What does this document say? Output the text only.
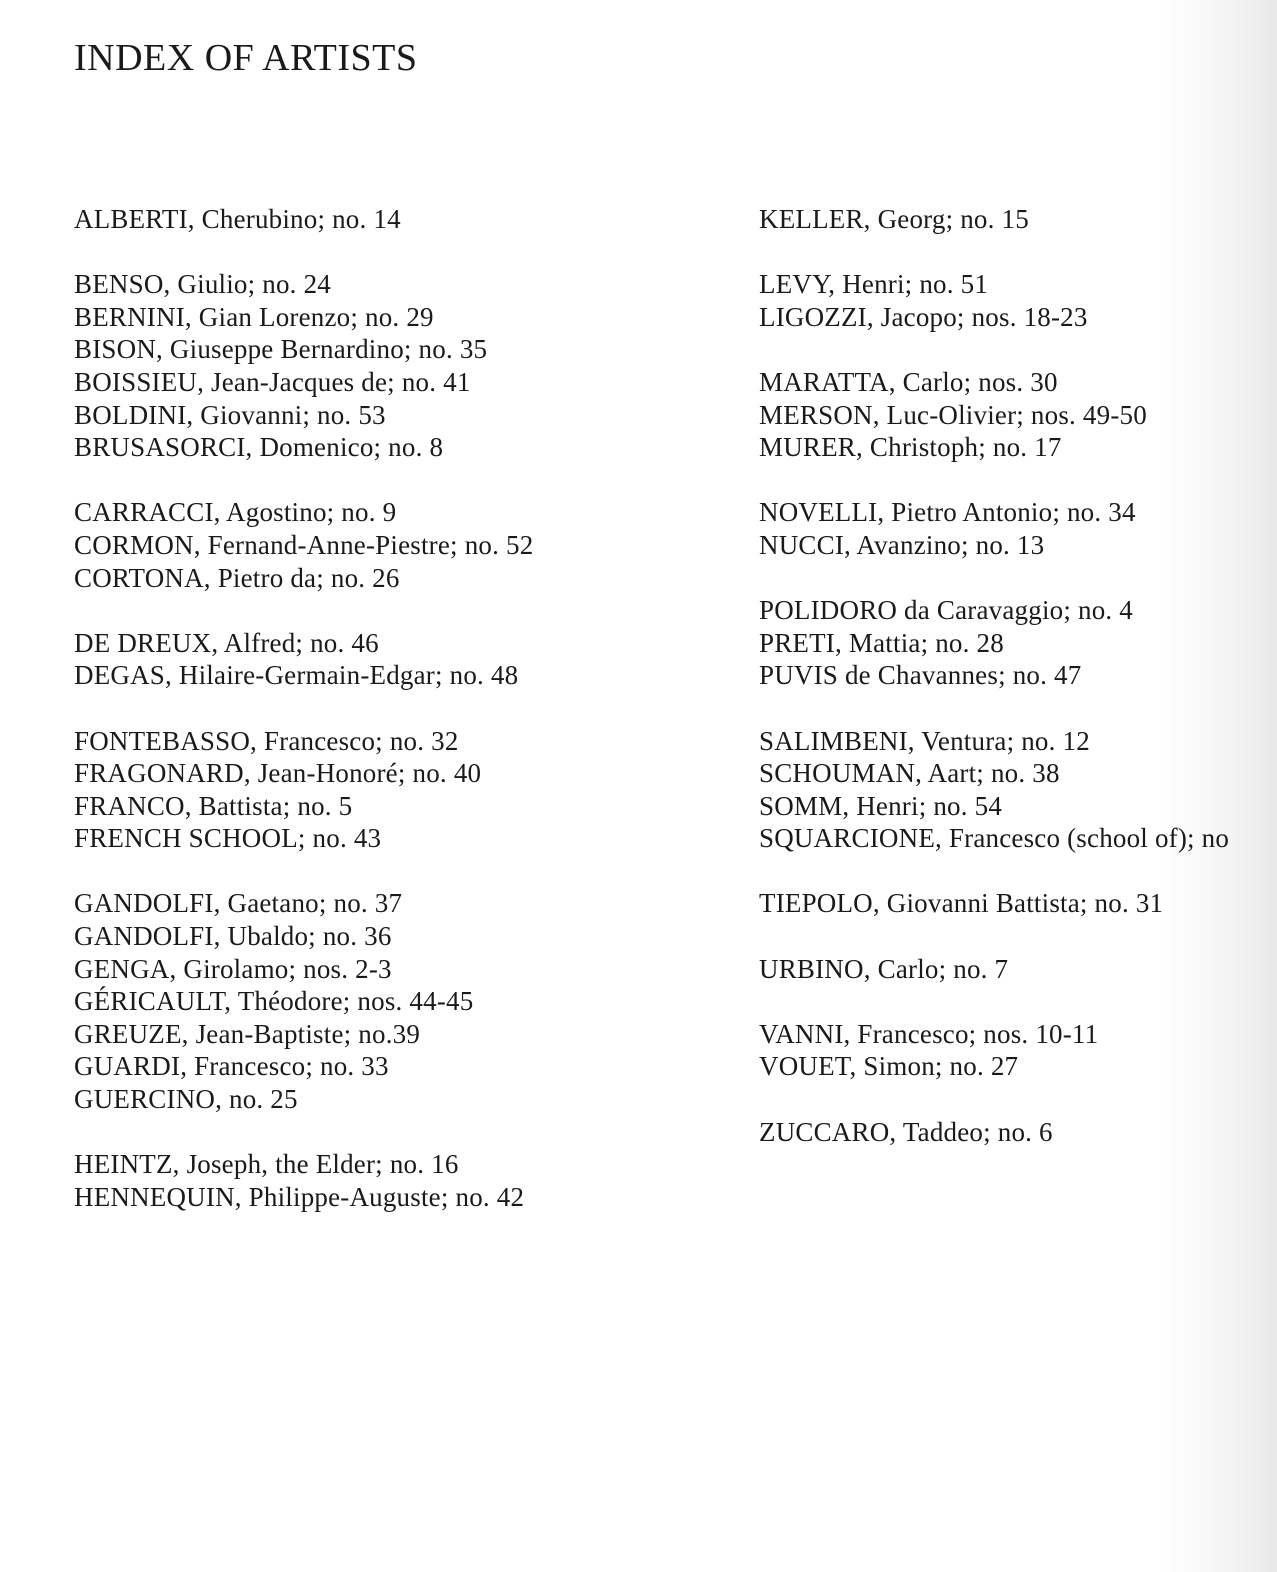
INDEX OF ARTISTS
ALBERTI, Cherubino; no. 14
BENSO, Giulio; no. 24
BERNINI, Gian Lorenzo; no. 29
BISON, Giuseppe Bernardino; no. 35
BOISSIEU, Jean-Jacques de; no. 41
BOLDINI, Giovanni; no. 53
BRUSASORCI, Domenico; no. 8
CARRACCI, Agostino; no. 9
CORMON, Fernand-Anne-Piestre; no. 52
CORTONA, Pietro da; no. 26
DE DREUX, Alfred; no. 46
DEGAS, Hilaire-Germain-Edgar; no. 48
FONTEBASSO, Francesco; no. 32
FRAGONARD, Jean-Honoré; no. 40
FRANCO, Battista; no. 5
FRENCH SCHOOL; no. 43
GANDOLFI, Gaetano; no. 37
GANDOLFI, Ubaldo; no. 36
GENGA, Girolamo; nos. 2-3
GÉRICAULT, Théodore; nos. 44-45
GREUZE, Jean-Baptiste; no.39
GUARDI, Francesco; no. 33
GUERCINO, no. 25
HEINTZ, Joseph, the Elder; no. 16
HENNEQUIN, Philippe-Auguste; no. 42
KELLER, Georg; no. 15
LEVY, Henri; no. 51
LIGOZZI, Jacopo; nos. 18-23
MARATTA, Carlo; nos. 30
MERSON, Luc-Olivier; nos. 49-50
MURER, Christoph; no. 17
NOVELLI, Pietro Antonio; no. 34
NUCCI, Avanzino; no. 13
POLIDORO da Caravaggio; no. 4
PRETI, Mattia; no. 28
PUVIS de Chavannes; no. 47
SALIMBENI, Ventura; no. 12
SCHOUMAN, Aart; no. 38
SOMM, Henri; no. 54
SQUARCIONE, Francesco (school of); no
TIEPOLO, Giovanni Battista; no. 31
URBINO, Carlo; no. 7
VANNI, Francesco; nos. 10-11
VOUET, Simon; no. 27
ZUCCARO, Taddeo; no. 6
